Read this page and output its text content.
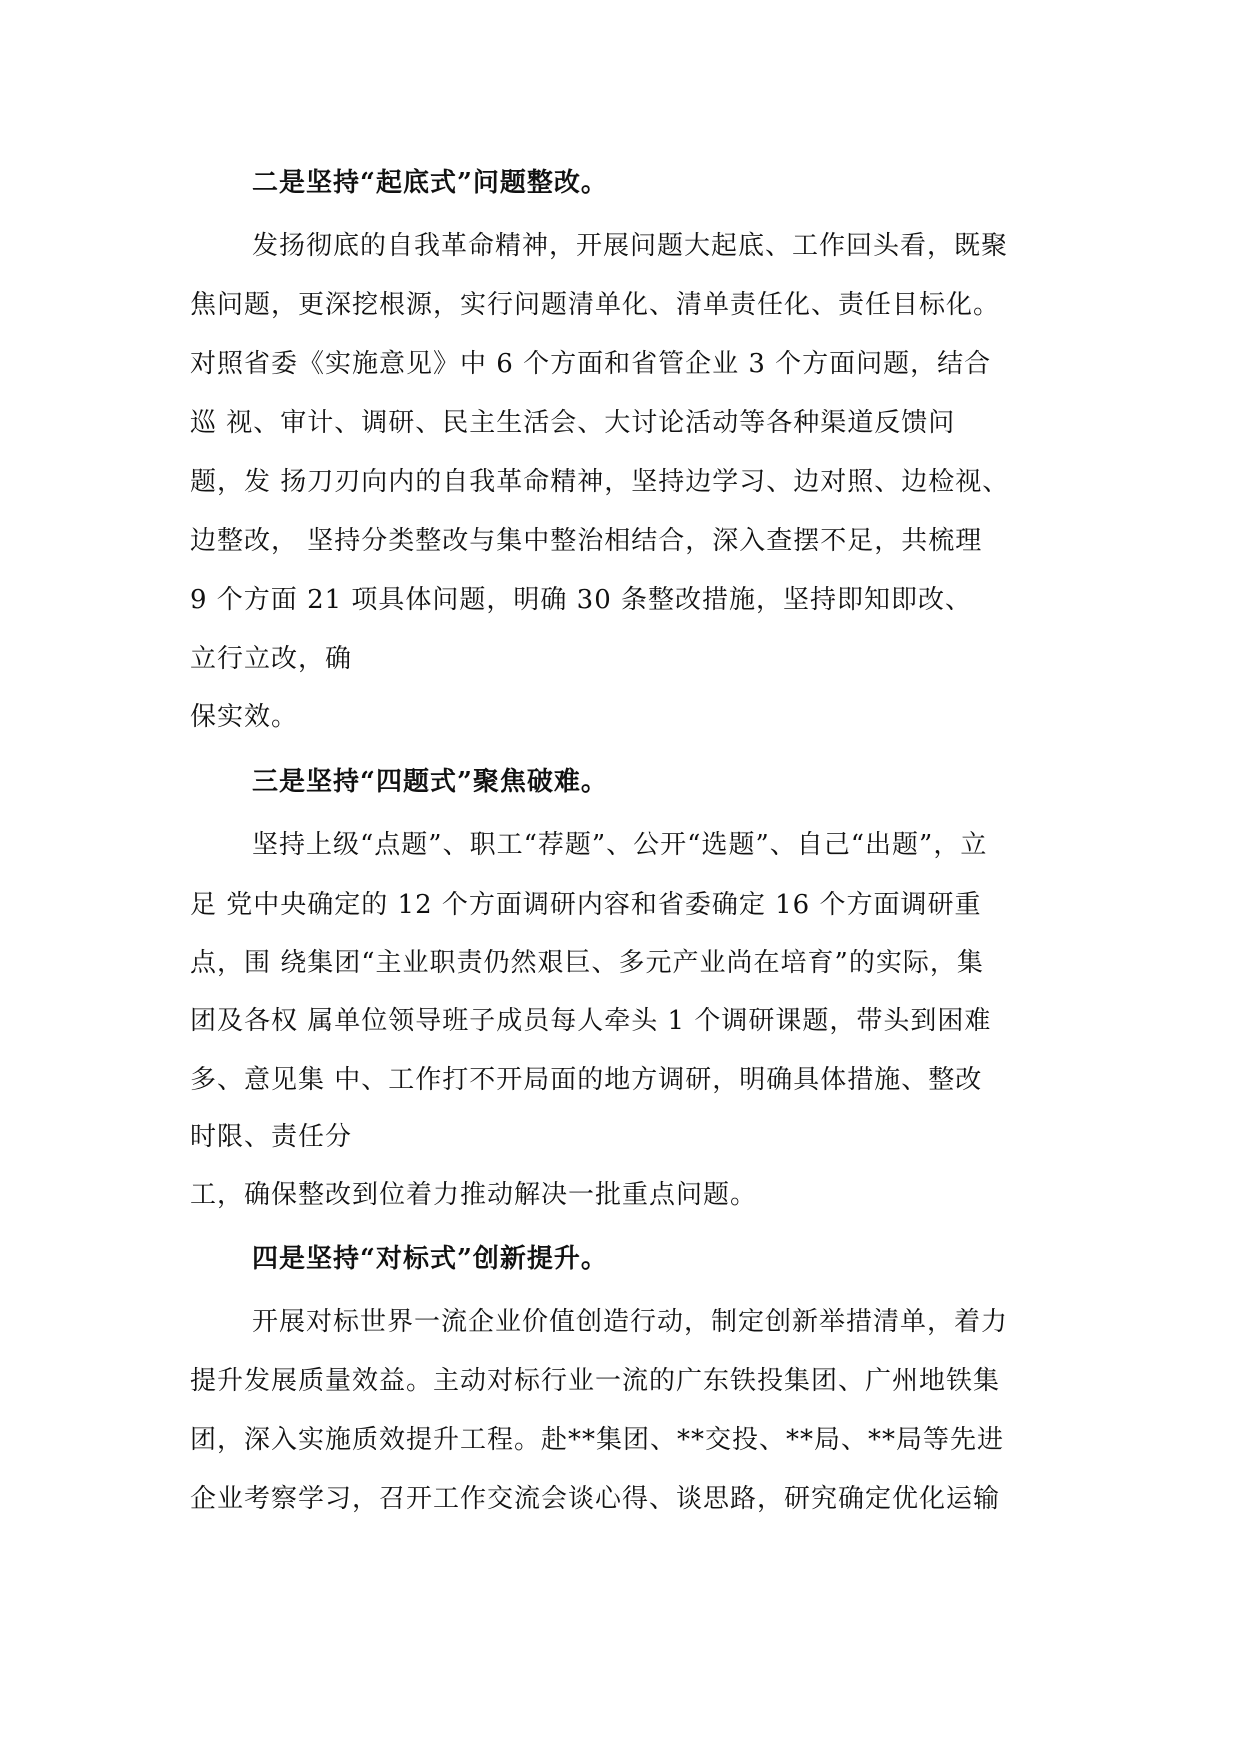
二是坚持“起底式”问题整改。
发扬彻底的自我革命精神，开展问题大起底、工作回头看，既聚
焦问题，更深挖根源，实行问题清单化、清单责任化、责任目标化。
对照省委《实施意见》中 6 个方面和省管企业 3 个方面问题，结合
巡 视、审计、调研、民主生活会、大讨论活动等各种渠道反馈问
题，发 扬刀刃向内的自我革命精神，坚持边学习、边对照、边检视、
边整改， 坚持分类整改与集中整治相结合，深入查摆不足，共梳理
9 个方面 21 项具体问题，明确 30 条整改措施，坚持即知即改、
立行立改，确
保实效。
三是坚持“四题式”聚焦破难。
坚持上级“点题”、职工“荐题”、公开“选题”、自己“出题”，立
足 党中央确定的 12 个方面调研内容和省委确定 16 个方面调研重
点，围 绕集团“主业职责仍然艰巨、多元产业尚在培育”的实际，集
团及各权 属单位领导班子成员每人牵头 1 个调研课题，带头到困难
多、意见集 中、工作打不开局面的地方调研，明确具体措施、整改
时限、责任分
工，确保整改到位着力推动解决一批重点问题。
四是坚持“对标式”创新提升。
开展对标世界一流企业价值创造行动，制定创新举措清单，着力
提升发展质量效益。主动对标行业一流的广东铁投集团、广州地铁集
团，深入实施质效提升工程。赴**集团、**交投、**局、**局等先进
企业考察学习，召开工作交流会谈心得、谈思路，研究确定优化运输
